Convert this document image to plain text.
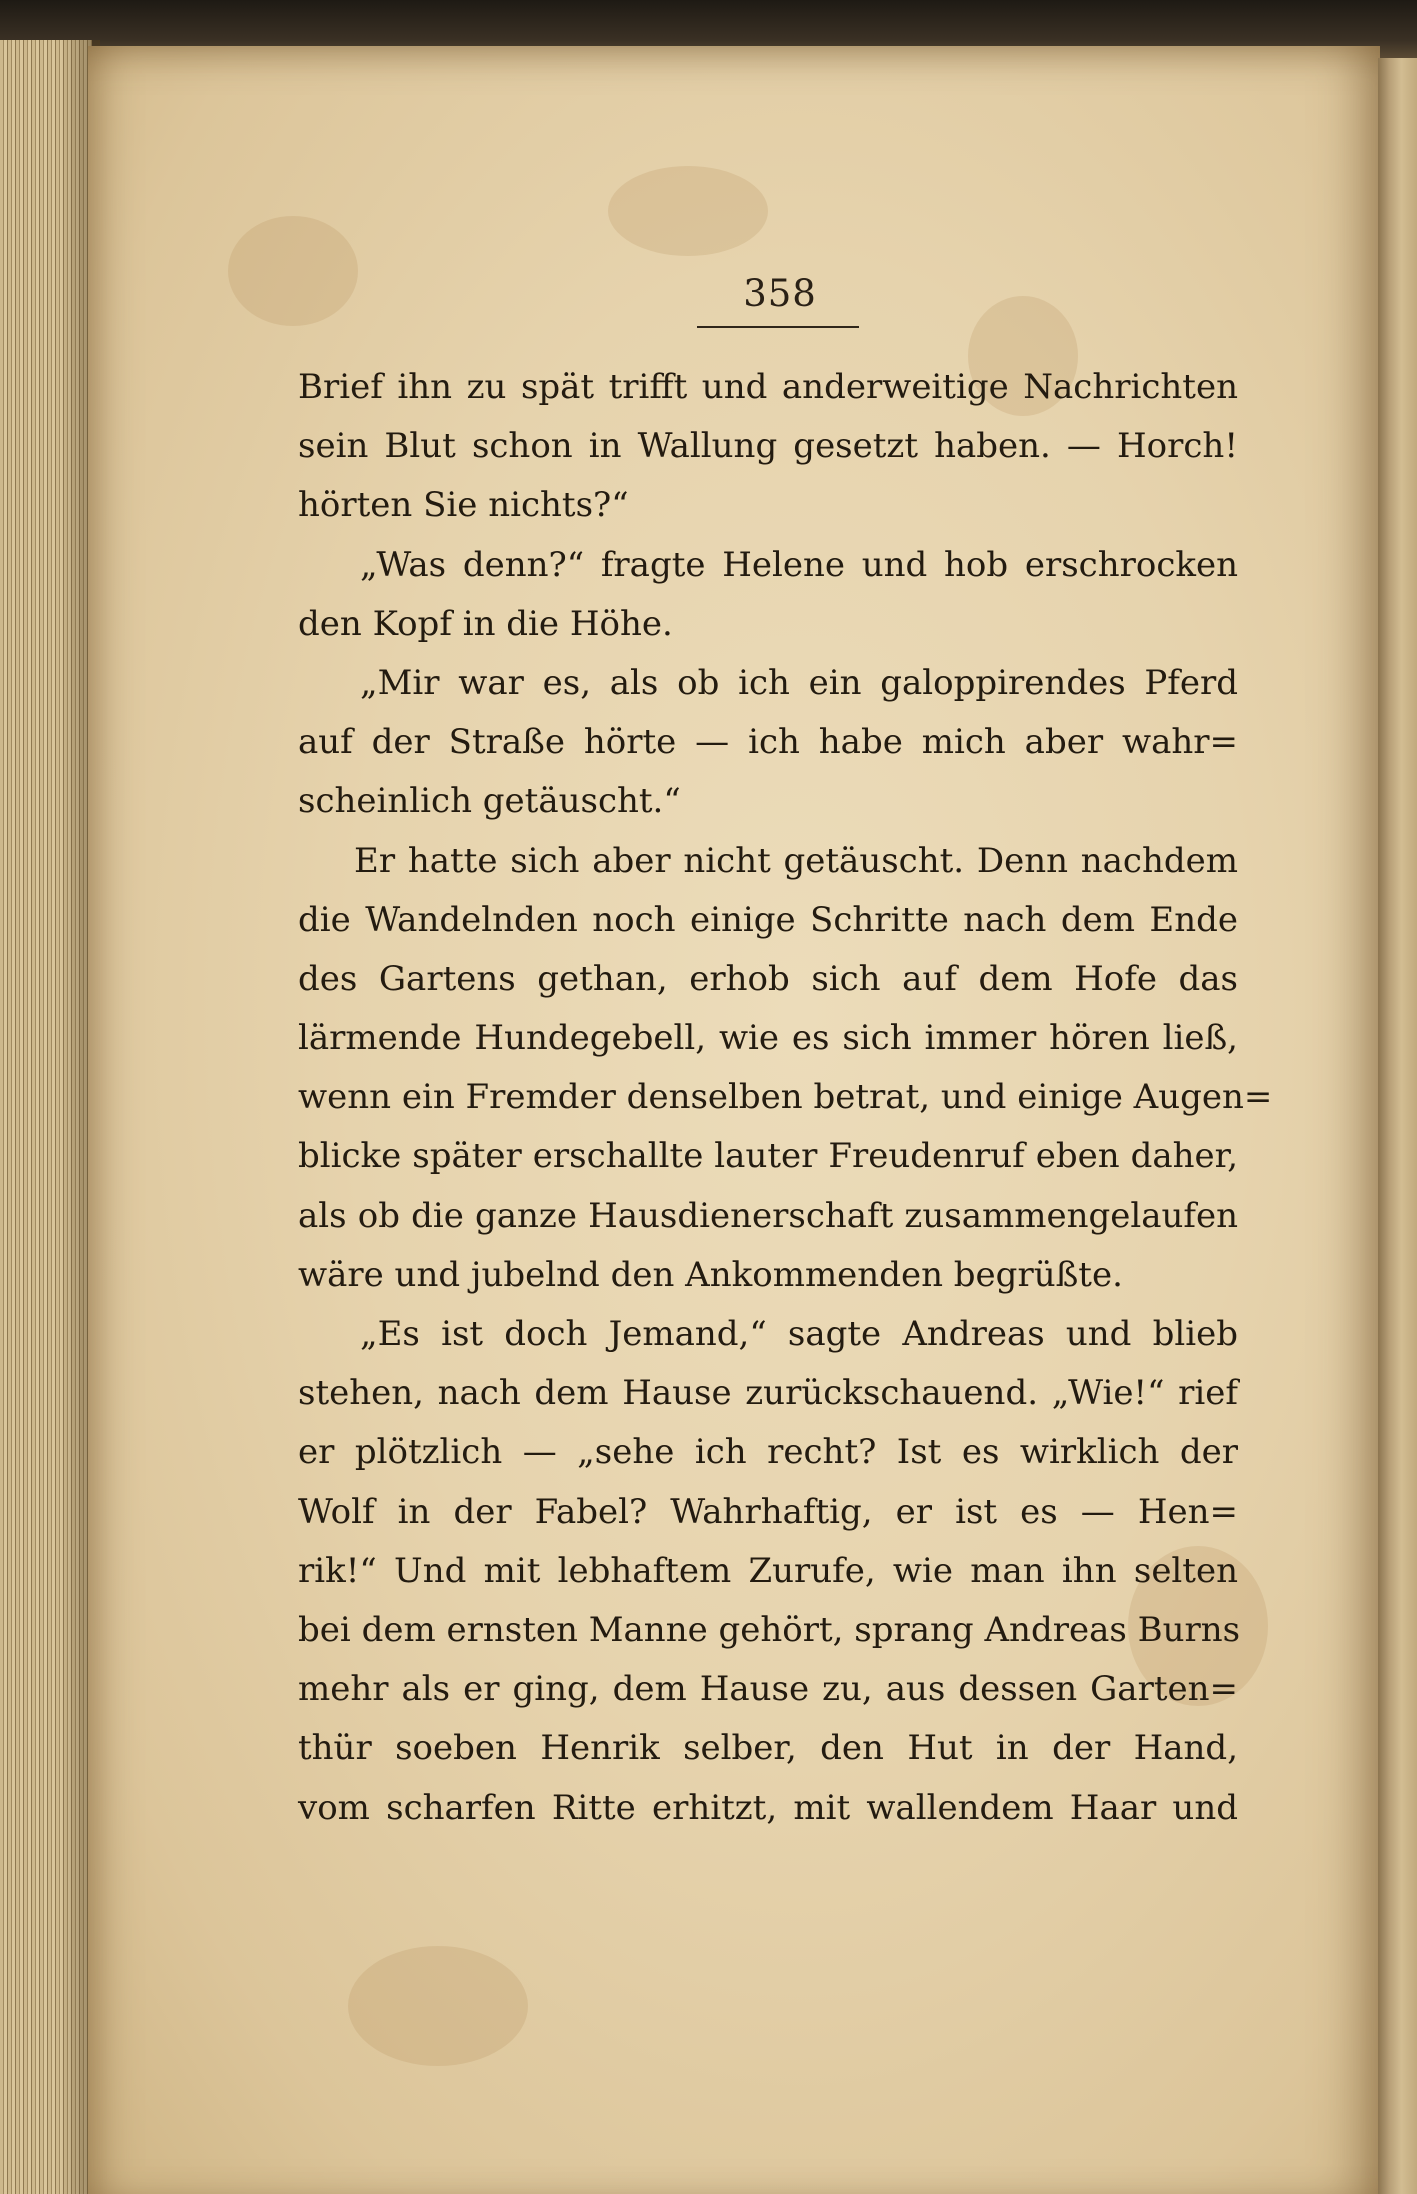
358
Brief ihn zu spät trifft und anderweitige Nachrichten
sein Blut schon in Wallung gesetzt haben. — Horch!
hörten Sie nichts?“
„Was denn?“ fragte Helene und hob erschrocken
den Kopf in die Höhe.
„Mir war es, als ob ich ein galoppirendes Pferd
auf der Straße hörte — ich habe mich aber wahr=
scheinlich getäuscht.“
Er hatte sich aber nicht getäuscht. Denn nachdem
die Wandelnden noch einige Schritte nach dem Ende
des Gartens gethan, erhob sich auf dem Hofe das
lärmende Hundegebell, wie es sich immer hören ließ,
wenn ein Fremder denselben betrat, und einige Augen=
blicke später erschallte lauter Freudenruf eben daher,
als ob die ganze Hausdienerschaft zusammengelaufen
wäre und jubelnd den Ankommenden begrüßte.
„Es ist doch Jemand,“ sagte Andreas und blieb
stehen, nach dem Hause zurückschauend. „Wie!“ rief
er plötzlich — „sehe ich recht? Ist es wirklich der
Wolf in der Fabel? Wahrhaftig, er ist es — Hen=
rik!“ Und mit lebhaftem Zurufe, wie man ihn selten
bei dem ernsten Manne gehört, sprang Andreas Burns
mehr als er ging, dem Hause zu, aus dessen Garten=
thür soeben Henrik selber, den Hut in der Hand,
vom scharfen Ritte erhitzt, mit wallendem Haar und
